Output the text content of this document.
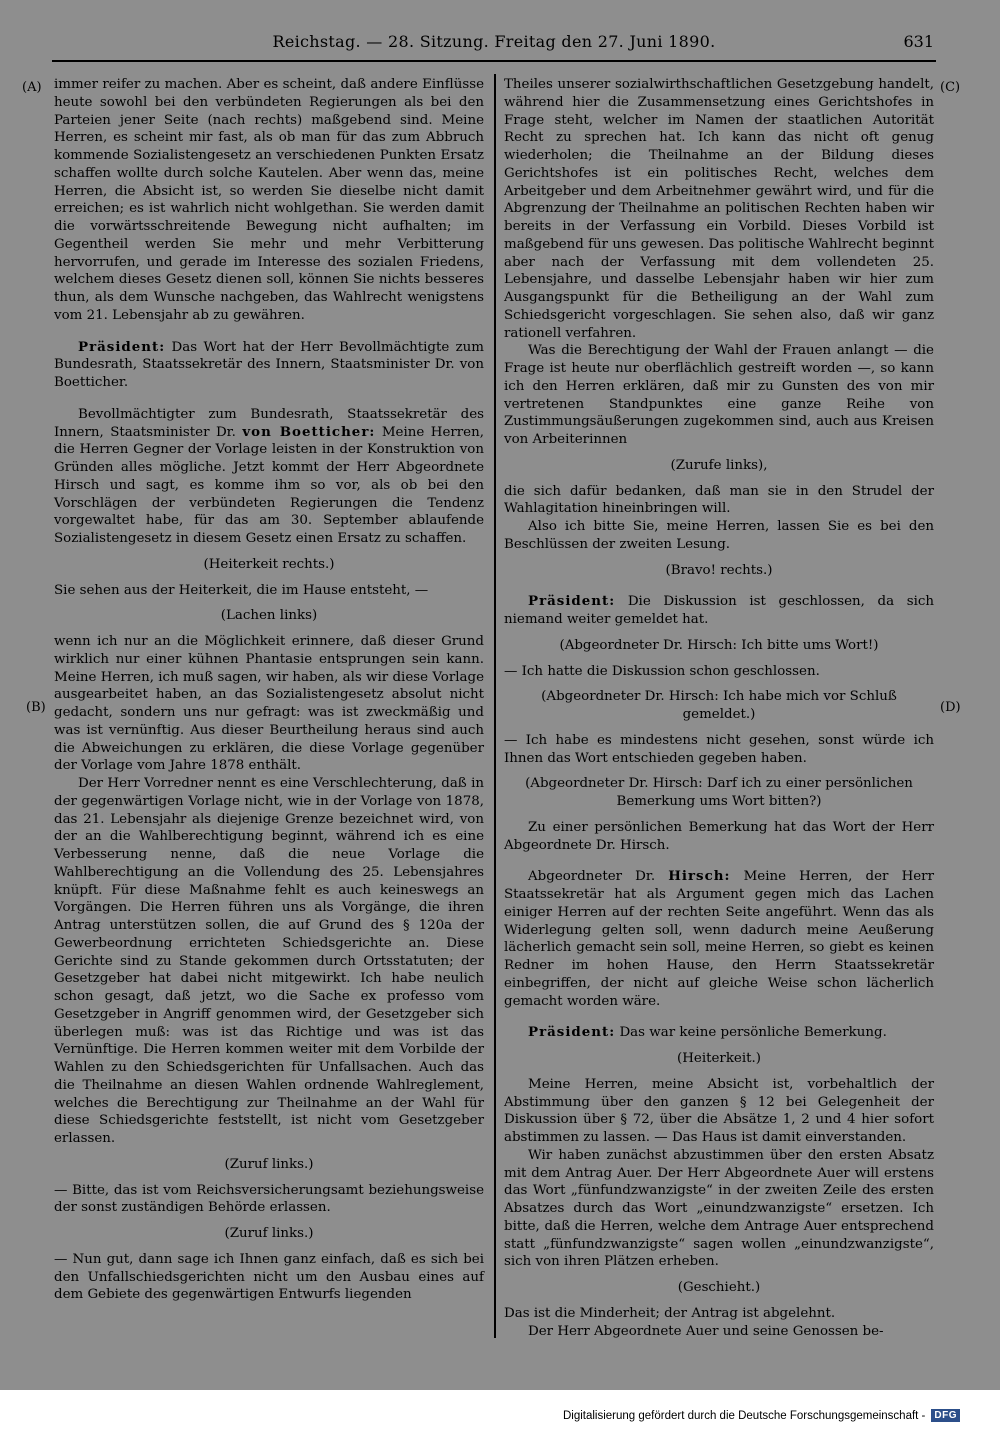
Reichstag. — 28. Sitzung. Freitag den 27. Juni 1890.	631
(A)
(B)
(C)
(D)

immer reifer zu machen. Aber es scheint, daß andere Einflüsse heute sowohl bei den verbündeten Regierungen als bei den Parteien jener Seite (nach rechts) maßgebend sind. Meine Herren, es scheint mir fast, als ob man für das zum Abbruch kommende Sozialistengesetz an verschiedenen Punkten Ersatz schaffen wollte durch solche Kautelen. Aber wenn das, meine Herren, die Absicht ist, so werden Sie dieselbe nicht damit erreichen; es ist wahrlich nicht wohlgethan. Sie werden damit die vorwärtsschreitende Bewegung nicht aufhalten; im Gegentheil werden Sie mehr und mehr Verbitterung hervorrufen, und gerade im Interesse des sozialen Friedens, welchem dieses Gesetz dienen soll, können Sie nichts besseres thun, als dem Wunsche nachgeben, das Wahlrecht wenigstens vom 21. Lebensjahr ab zu gewähren.

Präsident: Das Wort hat der Herr Bevollmächtigte zum Bundesrath, Staatssekretär des Innern, Staatsminister Dr. von Boetticher.

Bevollmächtigter zum Bundesrath, Staatssekretär des Innern, Staatsminister Dr. von Boetticher: Meine Herren, die Herren Gegner der Vorlage leisten in der Konstruktion von Gründen alles mögliche. Jetzt kommt der Herr Abgeordnete Hirsch und sagt, es komme ihm so vor, als ob bei den Vorschlägen der verbündeten Regierungen die Tendenz vorgewaltet habe, für das am 30. September ablaufende Sozialistengesetz in diesem Gesetz einen Ersatz zu schaffen.

(Heiterkeit rechts.)

Sie sehen aus der Heiterkeit, die im Hause entsteht, —

(Lachen links)

wenn ich nur an die Möglichkeit erinnere, daß dieser Grund wirklich nur einer kühnen Phantasie entsprungen sein kann. Meine Herren, ich muß sagen, wir haben, als wir diese Vorlage ausgearbeitet haben, an das Sozialistengesetz absolut nicht gedacht, sondern uns nur gefragt: was ist zweckmäßig und was ist vernünftig. Aus dieser Beurtheilung heraus sind auch die Abweichungen zu erklären, die diese Vorlage gegenüber der Vorlage vom Jahre 1878 enthält.

Der Herr Vorredner nennt es eine Verschlechterung, daß in der gegenwärtigen Vorlage nicht, wie in der Vorlage von 1878, das 21. Lebensjahr als diejenige Grenze bezeichnet wird, von der an die Wahlberechtigung beginnt, während ich es eine Verbesserung nenne, daß die neue Vorlage die Wahlberechtigung an die Vollendung des 25. Lebensjahres knüpft. Für diese Maßnahme fehlt es auch keineswegs an Vorgängen. Die Herren führen uns als Vorgänge, die ihren Antrag unterstützen sollen, die auf Grund des § 120a der Gewerbeordnung errichteten Schiedsgerichte an. Diese Gerichte sind zu Stande gekommen durch Ortsstatuten; der Gesetzgeber hat dabei nicht mitgewirkt. Ich habe neulich schon gesagt, daß jetzt, wo die Sache ex professo vom Gesetzgeber in Angriff genommen wird, der Gesetzgeber sich überlegen muß: was ist das Richtige und was ist das Vernünftige. Die Herren kommen weiter mit dem Vorbilde der Wahlen zu den Schiedsgerichten für Unfallsachen. Auch das die Theilnahme an diesen Wahlen ordnende Wahlreglement, welches die Berechtigung zur Theilnahme an der Wahl für diese Schiedsgerichte feststellt, ist nicht vom Gesetzgeber erlassen.

(Zuruf links.)

— Bitte, das ist vom Reichsversicherungsamt beziehungsweise der sonst zuständigen Behörde erlassen.

(Zuruf links.)

— Nun gut, dann sage ich Ihnen ganz einfach, daß es sich bei den Unfallschiedsgerichten nicht um den Ausbau eines auf dem Gebiete des gegenwärtigen Entwurfs liegenden

Theiles unserer sozialwirthschaftlichen Gesetzgebung handelt, während hier die Zusammensetzung eines Gerichtshofes in Frage steht, welcher im Namen der staatlichen Autorität Recht zu sprechen hat. Ich kann das nicht oft genug wiederholen; die Theilnahme an der Bildung dieses Gerichtshofes ist ein politisches Recht, welches dem Arbeitgeber und dem Arbeitnehmer gewährt wird, und für die Abgrenzung der Theilnahme an politischen Rechten haben wir bereits in der Verfassung ein Vorbild. Dieses Vorbild ist maßgebend für uns gewesen. Das politische Wahlrecht beginnt aber nach der Verfassung mit dem vollendeten 25. Lebensjahre, und dasselbe Lebensjahr haben wir hier zum Ausgangspunkt für die Betheiligung an der Wahl zum Schiedsgericht vorgeschlagen. Sie sehen also, daß wir ganz rationell verfahren.

Was die Berechtigung der Wahl der Frauen anlangt — die Frage ist heute nur oberflächlich gestreift worden —, so kann ich den Herren erklären, daß mir zu Gunsten des von mir vertretenen Standpunktes eine ganze Reihe von Zustimmungsäußerungen zugekommen sind, auch aus Kreisen von Arbeiterinnen

(Zurufe links),

die sich dafür bedanken, daß man sie in den Strudel der Wahlagitation hineinbringen will.

Also ich bitte Sie, meine Herren, lassen Sie es bei den Beschlüssen der zweiten Lesung.

(Bravo! rechts.)

Präsident: Die Diskussion ist geschlossen, da sich niemand weiter gemeldet hat.

(Abgeordneter Dr. Hirsch: Ich bitte ums Wort!)

— Ich hatte die Diskussion schon geschlossen.

(Abgeordneter Dr. Hirsch: Ich habe mich vor Schluß gemeldet.)

— Ich habe es mindestens nicht gesehen, sonst würde ich Ihnen das Wort entschieden gegeben haben.

(Abgeordneter Dr. Hirsch: Darf ich zu einer persönlichen Bemerkung ums Wort bitten?)

Zu einer persönlichen Bemerkung hat das Wort der Herr Abgeordnete Dr. Hirsch.

Abgeordneter Dr. Hirsch: Meine Herren, der Herr Staatssekretär hat als Argument gegen mich das Lachen einiger Herren auf der rechten Seite angeführt. Wenn das als Widerlegung gelten soll, wenn dadurch meine Aeußerung lächerlich gemacht sein soll, meine Herren, so giebt es keinen Redner im hohen Hause, den Herrn Staatssekretär einbegriffen, der nicht auf gleiche Weise schon lächerlich gemacht worden wäre.

Präsident: Das war keine persönliche Bemerkung.

(Heiterkeit.)

Meine Herren, meine Absicht ist, vorbehaltlich der Abstimmung über den ganzen § 12 bei Gelegenheit der Diskussion über § 72, über die Absätze 1, 2 und 4 hier sofort abstimmen zu lassen. — Das Haus ist damit einverstanden.

Wir haben zunächst abzustimmen über den ersten Absatz mit dem Antrag Auer. Der Herr Abgeordnete Auer will erstens das Wort „fünfundzwanzigste“ in der zweiten Zeile des ersten Absatzes durch das Wort „einundzwanzigste“ ersetzen. Ich bitte, daß die Herren, welche dem Antrage Auer entsprechend statt „fünfundzwanzigste“ sagen wollen „einundzwanzigste“, sich von ihren Plätzen erheben.

(Geschieht.)

Das ist die Minderheit; der Antrag ist abgelehnt.

Der Herr Abgeordnete Auer und seine Genossen be-

Digitalisierung gefördert durch die Deutsche Forschungsgemeinschaft - DFG
